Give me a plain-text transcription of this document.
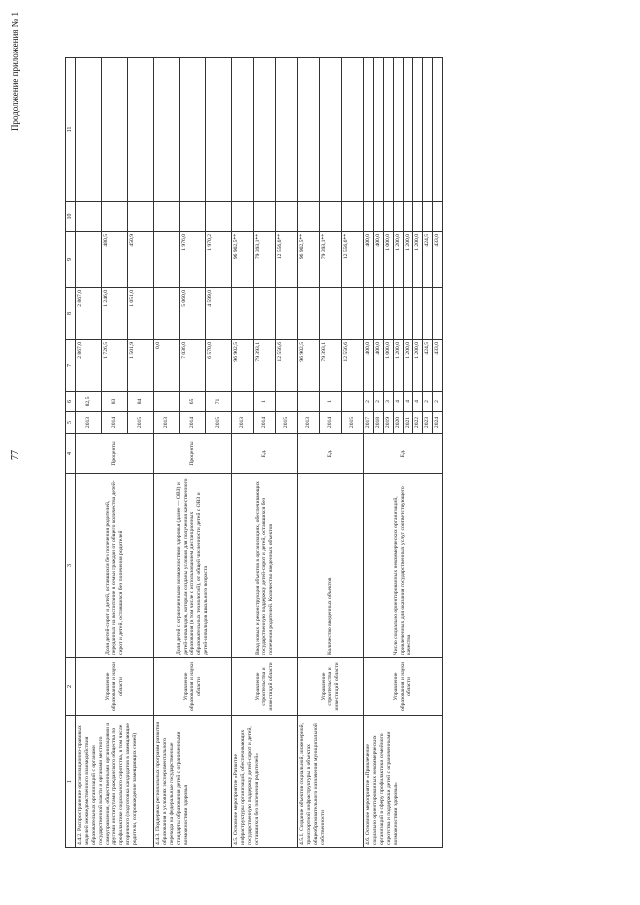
77
Продолжение приложения № 1
1	2	3	4	5	6	7	8	9	10	11
4.4.2. Распространение организационно-правовых моделей межведомственного взаимодействия образовательных организаций с органами государственной власти и органами местного самоуправления, общественными организациями и другими институтами гражданского общества по профилактике социального сиротства, в том числе вторичного (подготовка кандидатов в замещающие родители, сопровождение замещающих семей)	Управление образования и науки области	Доля детей-сирот и детей, оставшихся без попечения родителей, переданных на воспитание в семьи граждан от общего количества детей-сирот и детей, оставшихся без попечения родителей	Проценты	2013	82,5	2 867,0	2 867,0			
				2014	83	1 726,5	1 246,0	480,5		
				2015	84	1 501,9	1 051,0	450,9		
4.4.3. Поддержка региональных программ развития образования в условиях экспериментального перехода на федеральные государственные стандарты образования детей с ограниченными возможностями здоровья	Управление образования и науки области	Доля детей с ограниченными возможностями здоровья (далее — ОВЗ) и детей-инвалидов, которым созданы условия для получения качественного образования (в том числе с использованием дистанционных образовательных технологий), от общей численности детей с ОВЗ и детей-инвалидов школьного возраста	Проценты	2013		0,0				
				2014	65	7 036,0	5 060,0	1 976,0		
				2015	71	6 570,0	4 599,0	1 970,2		
4.5. Основное мероприятие «Развитие инфраструктуры организаций, обеспечивающих государственную поддержку детей-сирот и детей, оставшихся без попечения родителей»	Управление строительства и инвестиций области	Ввод новых и реконструкция объектов в организациях, обеспечивающих государственную поддержку детей-сирот и детей, оставшихся без попечения родителей. Количество введенных объектов	Ед.	2013		96 902,5		96 902,5**		
				2014	1	79 393,1		79 393,1**		
				2015		12 556,6		12 556,6**		
4.5.1. Создание объектов социальной, инженерной, транспортной инфраструктуры в объектах общеобразовательного назначения муниципальной собственности	Управление строительства и инвестиций области	Количество введенных объектов	Ед.	2013		96 902,5		96 902,5**		
				2014	1	79 393,1		79 393,1**		
				2015		12 556,6		12 556,6**		
4.6. Основное мероприятие «Привлечение социально ориентированных некоммерческих организаций в сферу профилактики семейного сиротства и поддержки детей с ограниченными возможностями здоровья»	Управление образования и науки области	Число социально ориентированных некоммерческих организаций, привлеченных для оказания государственных услуг соответствующего качества	Ед.	2017	2	400,0		400,0		
				2018	2	400,0		400,0		
				2019	3	1 000,0		1 000,0		
				2020	4	1 200,0		1 200,0		
				2021	4	1 200,0		1 200,0		
				2022	4	1 200,0		1 200,0		
				2023	2	424,5		424,5		
				2024	2	433,0		433,0		
